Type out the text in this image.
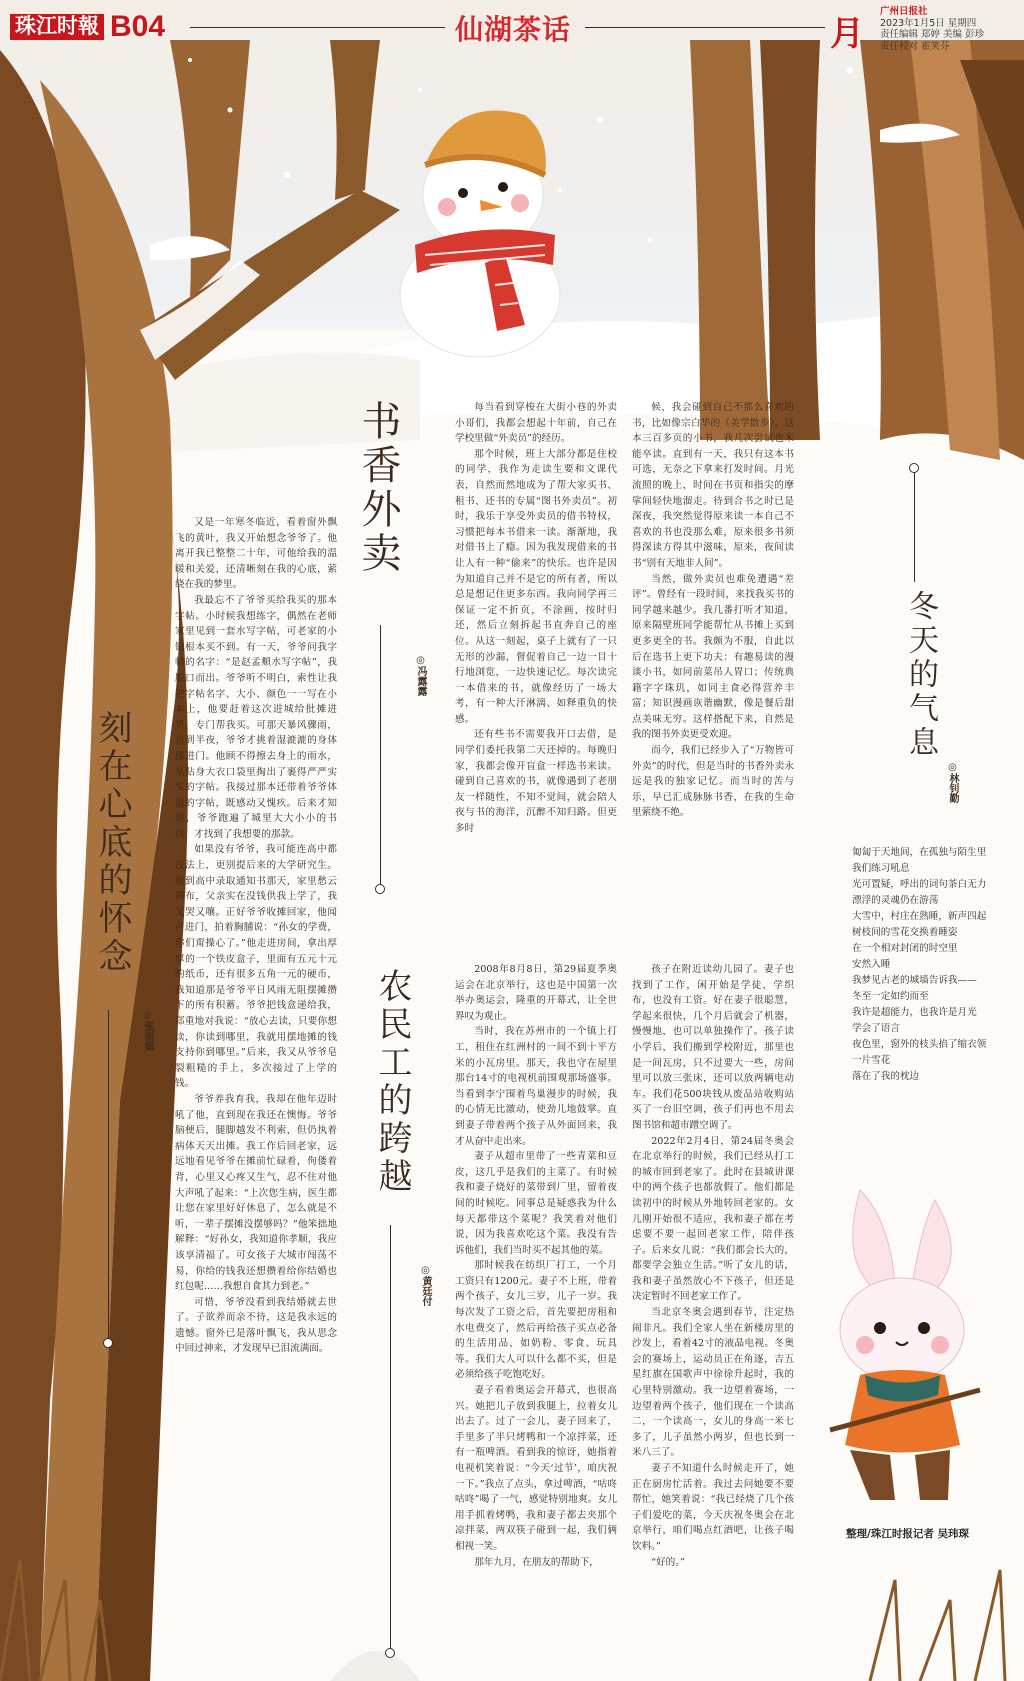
珠江时報 B04	仙湖茶话	月
广州日报社
2023年1月5日 星期四
责任编辑 郑婷 美编 彭珍
责任校对 霍笑芬
书香外卖
◎冯露露

每当看到穿梭在大街小巷的外卖小哥们，我都会想起十年前，自己在学校里做“外卖员”的经历。

那个时候，班上大部分都是住校的同学，我作为走读生要和文课代表，自然而然地成为了帮大家买书、租书、还书的专属“图书外卖员”。初时，我乐于享受外卖员的借书特权，习惯把每本书借来一读。渐渐地，我对借书上了瘾。因为我发现借来的书让人有一种“偷来”的快乐。也许是因为知道自己并不是它的所有者，所以总是想记住更多东西。我向同学再三保证一定不折页，不涂画，按时归还，然后立刻拆起书直奔自己的座位。从这一刻起，桌子上就有了一只无形的沙漏，督促着自己一边一目十行地浏览，一边快速记忆。每次读完一本借来的书，就像经历了一场大考，有一种大汗淋漓、如释重负的快感。

还有些书不需要我开口去借，是同学们委托我第二天还掉的。每晚归家，我都会像开盲盒一样选书来读。碰到自己喜欢的书，就像遇到了老朋友一样随性，不知不觉间，就会陪人夜与书的海洋，沉醉不知归路。但更多时

候，我会碰到自己不那么喜欢的书，比如像宗白华的《美学散步》，这本三百多页的小书，我几次尝试也未能卒读。直到有一天，我只有这本书可选，无奈之下拿来打发时间。月光流照的晚上，时间在书页和指尖的摩挲间轻快地溜走。待到合书之时已是深夜，我突然觉得原来读一本自己不喜欢的书也没那么难，原来很多书须得深读方得其中滋味，原来，夜间读书“别有天地非人间”。

当然，做外卖员也难免遭遇“差评”。曾经有一段时间，来找我买书的同学越来越少。我几番打听才知道，原来隔壁班同学能帮忙从书摊上买到更多更全的书。我颇为不服，自此以后在选书上更下功夫：有趣易读的漫谈小书，如同前菜吊人胃口；传统典籍字字珠玑，如同主食必得营养丰富；知识漫画诙谐幽默，像是餐后甜点美味无穷。这样搭配下来，自然是我的图书外卖更受欢迎。

而今，我们已经步入了“万物皆可外卖”的时代，但是当时的书香外卖永远是我的独家记忆。而当时的苦与乐，早已汇成脉脉书香，在我的生命里萦绕不绝。

刻在心底的怀念
◎张丽娟

又是一年寒冬临近，看着窗外飘飞的黄叶，我又开始想念爷爷了。他离开我已整整二十年，可他给我的温暖和关爱，还清晰刻在我的心底，萦绕在我的梦里。

我最忘不了爷爷买给我买的那本字帖。小时候我想练字，偶然在老师家里见到一套水写字帖，可老家的小镇根本买不到。有一天，爷爷问我字帖的名字：“是赵孟頫水写字帖”，我脱口而出。爷爷听不明白，索性让我把字帖名字、大小、颜色一一写在小本上，他要赶着这次进城给批摊进货，专门帮我买。可那天暴风骤雨，直到半夜，爷爷才挑着湿漉漉的身体挪进门。他顾不得擦去身上的雨水，从贴身大衣口袋里掏出了裹得严严实实的字帖。我接过那本还带着爷爷体温的字帖，既感动又愧疚。后来才知道，爷爷跑遍了城里大大小小的书店，才找到了我想要的那款。

如果没有爷爷，我可能连高中都没法上，更别提后来的大学研究生。收到高中录取通知书那天，家里愁云满布，父亲实在没钱供我上学了，我又哭又嚷。正好爷爷收摊回家，他闻声进门，拍着胸脯说：“孙女的学费，你们甭操心了。”他走进房间，拿出厚厚的一个铁皮盒子，里面有五元十元的纸币，还有很多五角一元的硬币，我知道那是爷爷平日风雨无阻摆摊攒下的所有积蓄。爷爷把钱盒递给我，郑重地对我说：“放心去读，只要你想读，你读到哪里，我就用摆地摊的钱支持你到哪里。”后来，我又从爷爷皂裂粗糙的手上，多次接过了上学的钱。

爷爷养我育我，我却在他年迈时吼了他，直到现在我还在懊悔。爷爷脑梗后，腿脚越发不利索，但仍执着病体天天出摊。我工作后回老家，远远地看见爷爷在摊前忙碌着，佝偻着背，心里又心疼又生气，忍不住对他大声吼了起来：“上次您生病，医生都让您在家里好好休息了，怎么就是不听，一辈子摆摊没摆够吗？”他笨拙地解释：“好孙女，我知道你孝顺，我应该享清福了。可女孩子大城市闯荡不易，你给的钱我还想攒着给你结婚也红包呢……我想自食其力到老。”

可惜，爷爷没看到我结婚就去世了。子欲养而亲不待，这是我永远的遗憾。窗外已是落叶飘飞，我从思念中回过神来，才发现早已泪流满面。

冬天的气息
◎林钊勤
匍匐于天地间，在孤独与陌生里
我们练习吼息
光可置疑，呼出的词句茶白无力
漂浮的灵魂仍在游荡
大雪中，村庄在熟睡，新声四起
树枝间的雪花交换着睡姿
在一个相对封闭的时空里
安然入睡
我梦见古老的城墙告诉我——
冬至一定如约而至
我许是超能力，也我许是月光
学会了语言
夜色里，窗外的枝头掐了缩衣领
一片雪花
落在了我的枕边
农民工的跨越
◎黄廷付

2008年8月8日，第29届夏季奥运会在北京举行，这也是中国第一次举办奥运会，隆重的开幕式，让全世界叹为观止。

当时，我在苏州市的一个镇上打工，租住在红洲村的一间不到十平方米的小瓦房里。那天，我也守在屋里那台14寸的电视机前围观那场盛事。当看到李宁围着鸟巢漫步的时候，我的心情无比激动，使劲儿地鼓掌。直到妻子带着两个孩子从外面回来，我才从奋中走出来。

妻子从超市里带了一些青菜和豆皮，这几乎是我们的主菜了。有时候我和妻子烧好的菜带到厂里，留着夜间的时候吃。同事总是疑惑我为什么每天都带这个菜呢？我笑着对他们说，因为我喜欢吃这个菜。我没有告诉他们，我们当时买不起其他的菜。

那时候我在纺织厂打工，一个月工资只有1200元。妻子不上班，带着两个孩子，女儿三岁，儿子一岁。我每次发了工资之后，首先要把房租和水电费交了，然后再给孩子买点必备的生活用品，如奶粉、零食、玩具等。我们大人可以什么都不买，但是必须给孩子吃饱吃好。

妻子看着奥运会开幕式，也很高兴。她把儿子放到我腿上，拉着女儿出去了。过了一会儿，妻子回来了，手里多了半只烤鸭和一个凉拌菜，还有一瓶啤酒。看到我的惊讶，她指着电视机笑着说：“今天‘过节’，咱庆祝一下。”我点了点头，拿过啤酒，“咕咚咕咚”喝了一气，感觉特别地爽。女儿用手抓着烤鸭，我和妻子都去夹那个凉拌菜，两双筷子碰到一起，我们俩相视一笑。

那年九月，在朋友的帮助下，

孩子在附近读幼儿园了。妻子也找到了工作，闲开始是学徒，学织布，也没有工资。好在妻子很聪慧，学起来很快，几个月后就会了机器，慢慢地，也可以单独操作了。孩子读小学后，我们搬到学校附近，那里也是一间瓦房，只不过要大一些，房间里可以放三张床，还可以放两辆电动车。我们花500块钱从废品站收购站买了一台旧空调，孩子们再也不用去图书馆和超市蹭空调了。

2022年2月4日，第24届冬奥会在北京举行的时候，我们已经从打工的城市回到老家了。此时在县城讲课中的两个孩子也都放假了。他们都是读初中的时候从外地转回老家的。女儿刚开始很不适应，我和妻子都在考虑要不要一起回老家工作，陪伴孩子。后来女儿说：“我们都会长大的，都要学会独立生活。”听了女儿的话，我和妻子虽然放心不下孩子，但还是决定暂时不回老家工作了。

当北京冬奥会遇到春节，注定热闹非凡。我们全家人坐在新楼房里的沙发上，看着42寸的液晶电视。冬奥会的赛场上，运动员正在角逐，吉五星红旗在国歌声中徐徐升起时，我的心里特别激动。我一边望着赛场，一边望着两个孩子，他们现在一个读高二，一个读高一，女儿的身高一米七多了，儿子虽然小两岁，但也长到一米八三了。

妻子不知道什么时候走开了，她正在厨房忙活着。我过去问她要不要帮忙，她笑着说：“我已经烧了几个孩子们爱吃的菜，今天庆祝冬奥会在北京举行，咱们喝点红酒吧，让孩子喝饮料。”

“好的。”

整理/珠江时报记者 吴玮琛
